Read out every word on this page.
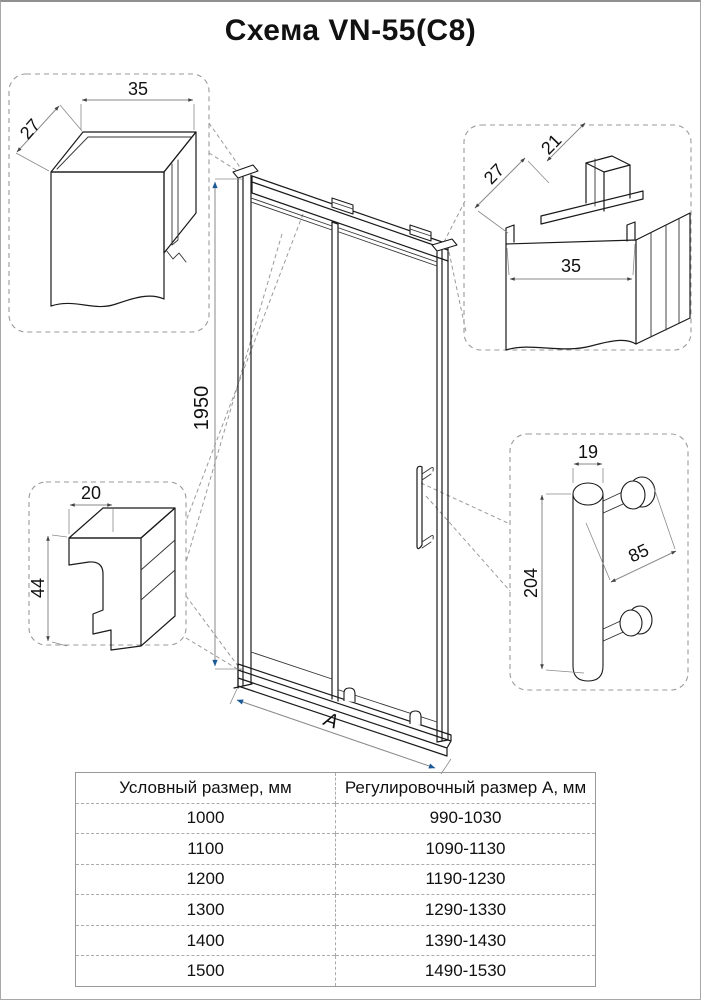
Схема VN-55(C8)
1950
A
35
27
21
27
35
20
44
19
204
85
Условный размер, мм	Регулировочный размер А, мм
1000	990-1030
1100	1090-1130
1200	1190-1230
1300	1290-1330
1400	1390-1430
1500	1490-1530
